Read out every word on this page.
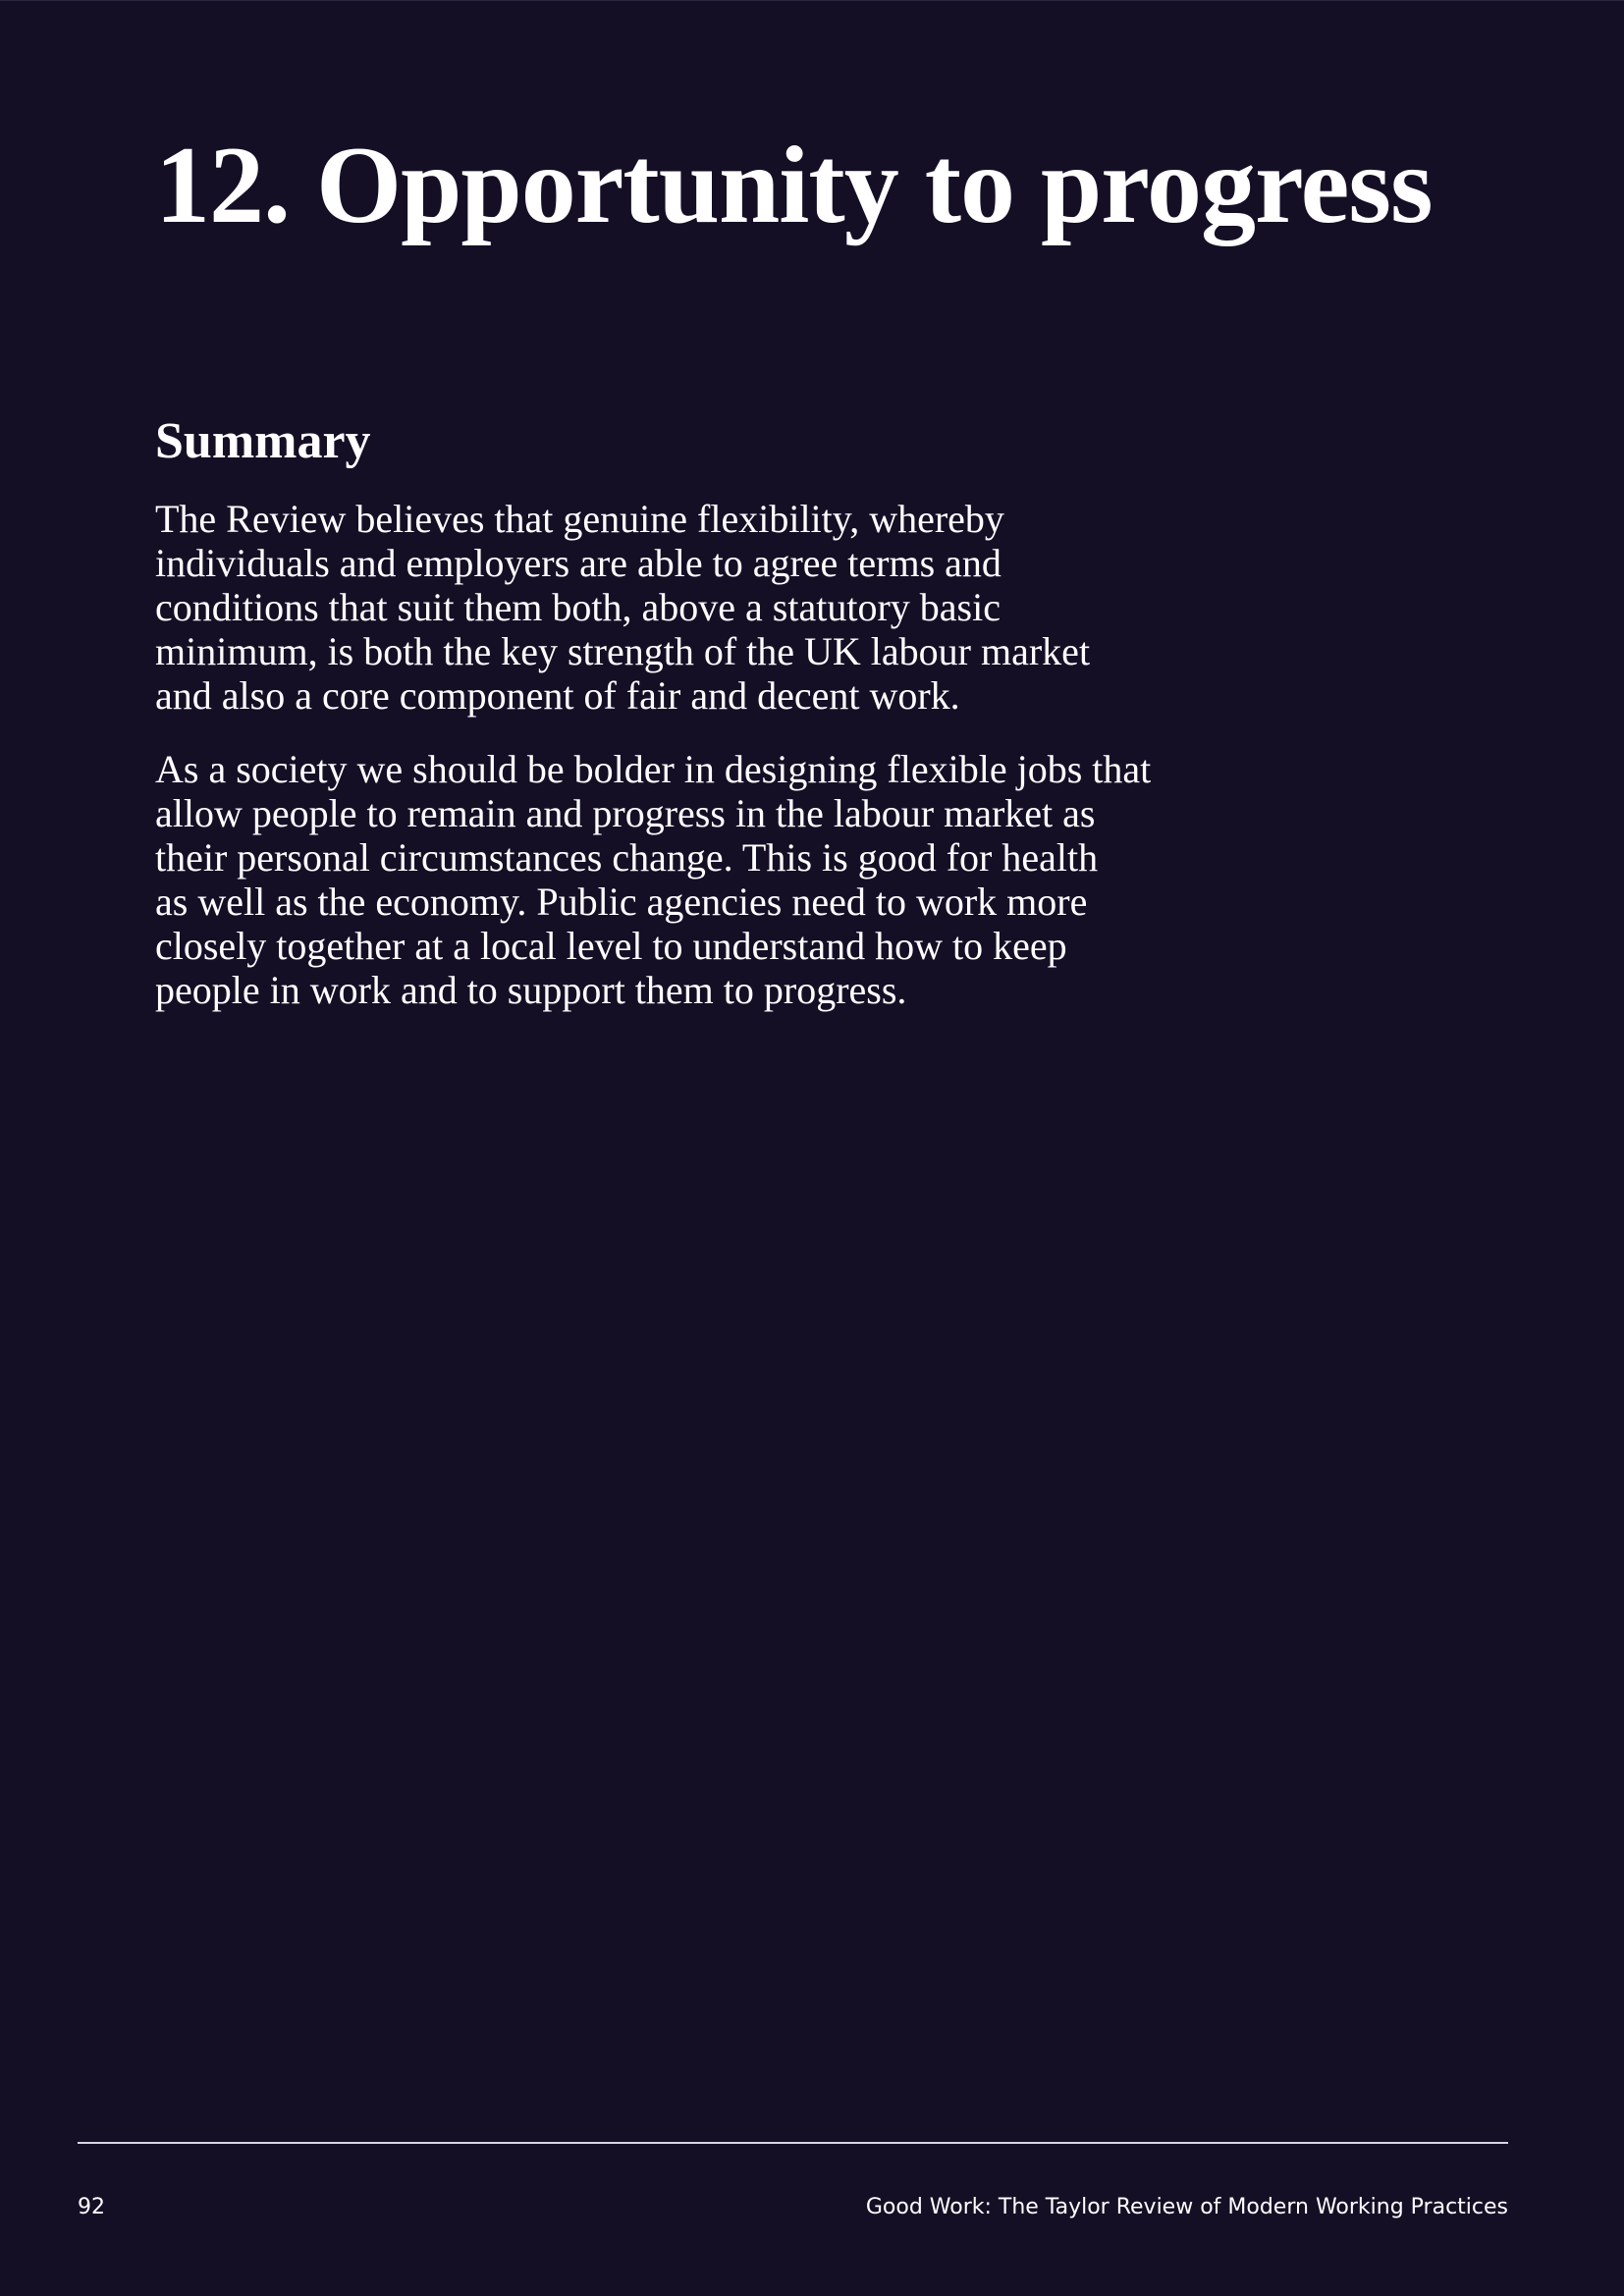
12. Opportunity to progress
Summary

The Review believes that genuine flexibility, whereby
individuals and employers are able to agree terms and
conditions that suit them both, above a statutory basic
minimum, is both the key strength of the UK labour market
and also a core component of fair and decent work.

As a society we should be bolder in designing flexible jobs that
allow people to remain and progress in the labour market as
their personal circumstances change. This is good for health
as well as the economy. Public agencies need to work more
closely together at a local level to understand how to keep
people in work and to support them to progress.

92	Good Work: The Taylor Review of Modern Working Practices
